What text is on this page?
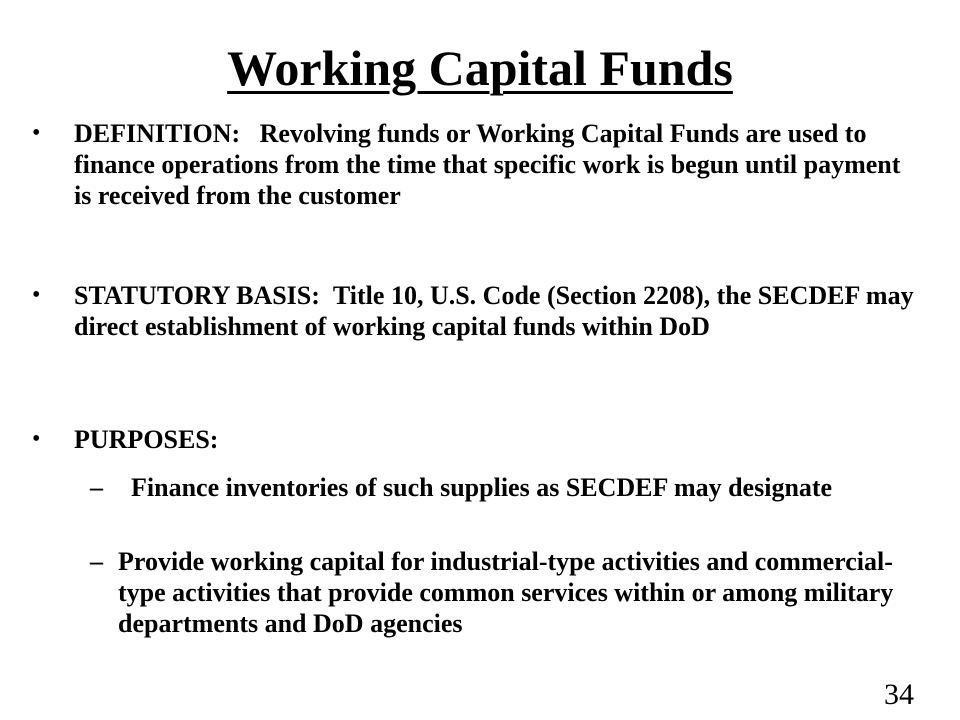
Working Capital Funds
• DEFINITION: Revolving funds or Working Capital Funds are used to finance operations from the time that specific work is begun until payment is received from the customer
• STATUTORY BASIS: Title 10, U.S. Code (Section 2208), the SECDEF may direct establishment of working capital funds within DoD
• PURPOSES:
– Finance inventories of such supplies as SECDEF may designate
– Provide working capital for industrial-type activities and commercial-type activities that provide common services within or among military departments and DoD agencies
34
